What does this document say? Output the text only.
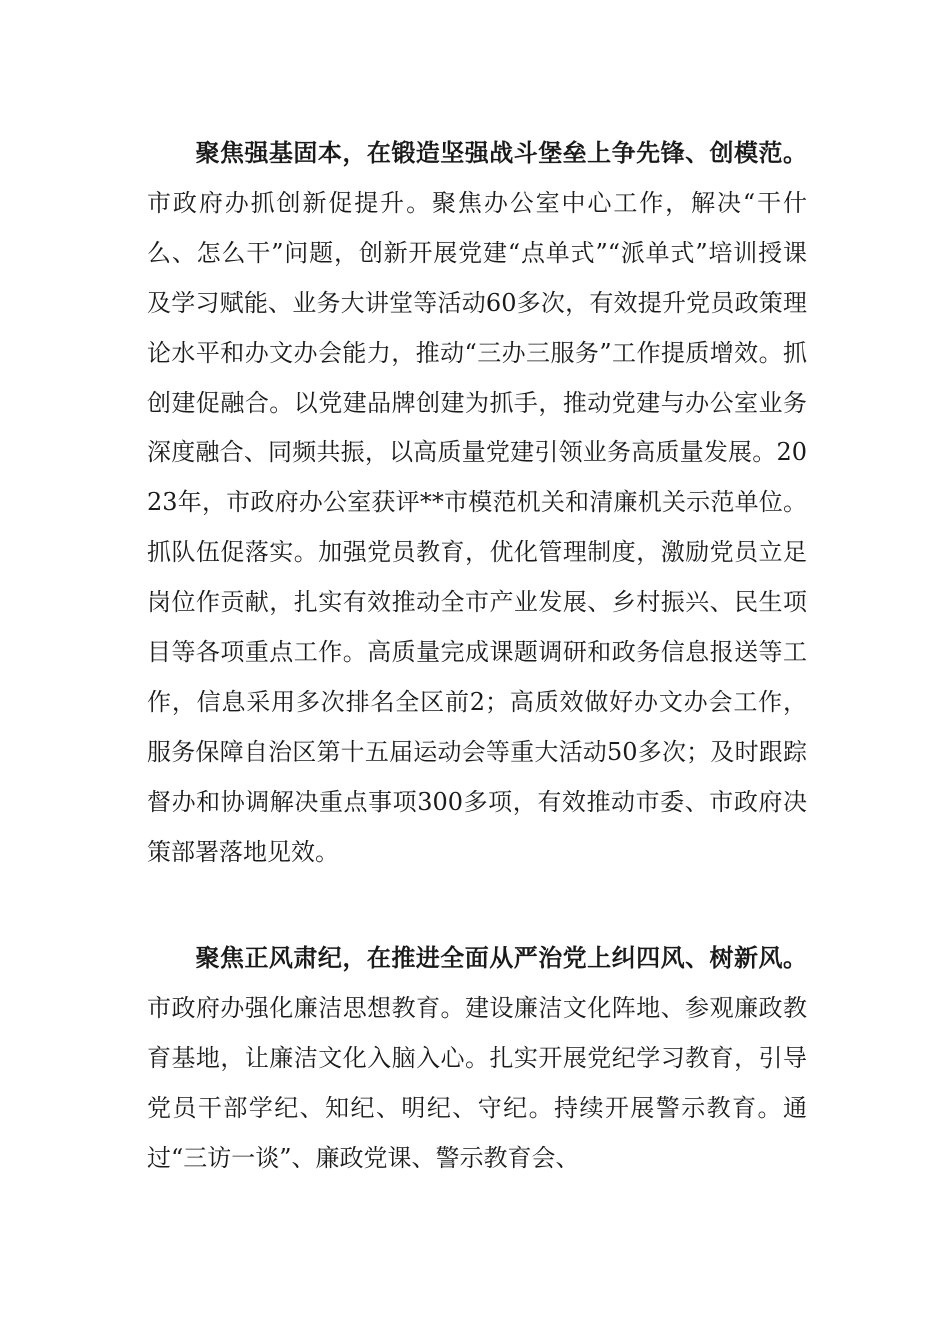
聚焦强基固本，在锻造坚强战斗堡垒上争先锋、创模范。市政府办抓创新促提升。聚焦办公室中心工作，解决“干什么、怎么干”问题，创新开展党建“点单式”“派单式”培训授课及学习赋能、业务大讲堂等活动60多次，有效提升党员政策理论水平和办文办会能力，推动“三办三服务”工作提质增效。抓创建促融合。以党建品牌创建为抓手，推动党建与办公室业务深度融合、同频共振，以高质量党建引领业务高质量发展。2023年，市政府办公室获评**市模范机关和清廉机关示范单位。抓队伍促落实。加强党员教育，优化管理制度，激励党员立足岗位作贡献，扎实有效推动全市产业发展、乡村振兴、民生项目等各项重点工作。高质量完成课题调研和政务信息报送等工作，信息采用多次排名全区前2；高质效做好办文办会工作，服务保障自治区第十五届运动会等重大活动50多次；及时跟踪督办和协调解决重点事项300多项，有效推动市委、市政府决策部署落地见效。

聚焦正风肃纪，在推进全面从严治党上纠四风、树新风。市政府办强化廉洁思想教育。建设廉洁文化阵地、参观廉政教育基地，让廉洁文化入脑入心。扎实开展党纪学习教育，引导党员干部学纪、知纪、明纪、守纪。持续开展警示教育。通过“三访一谈”、廉政党课、警示教育会、
